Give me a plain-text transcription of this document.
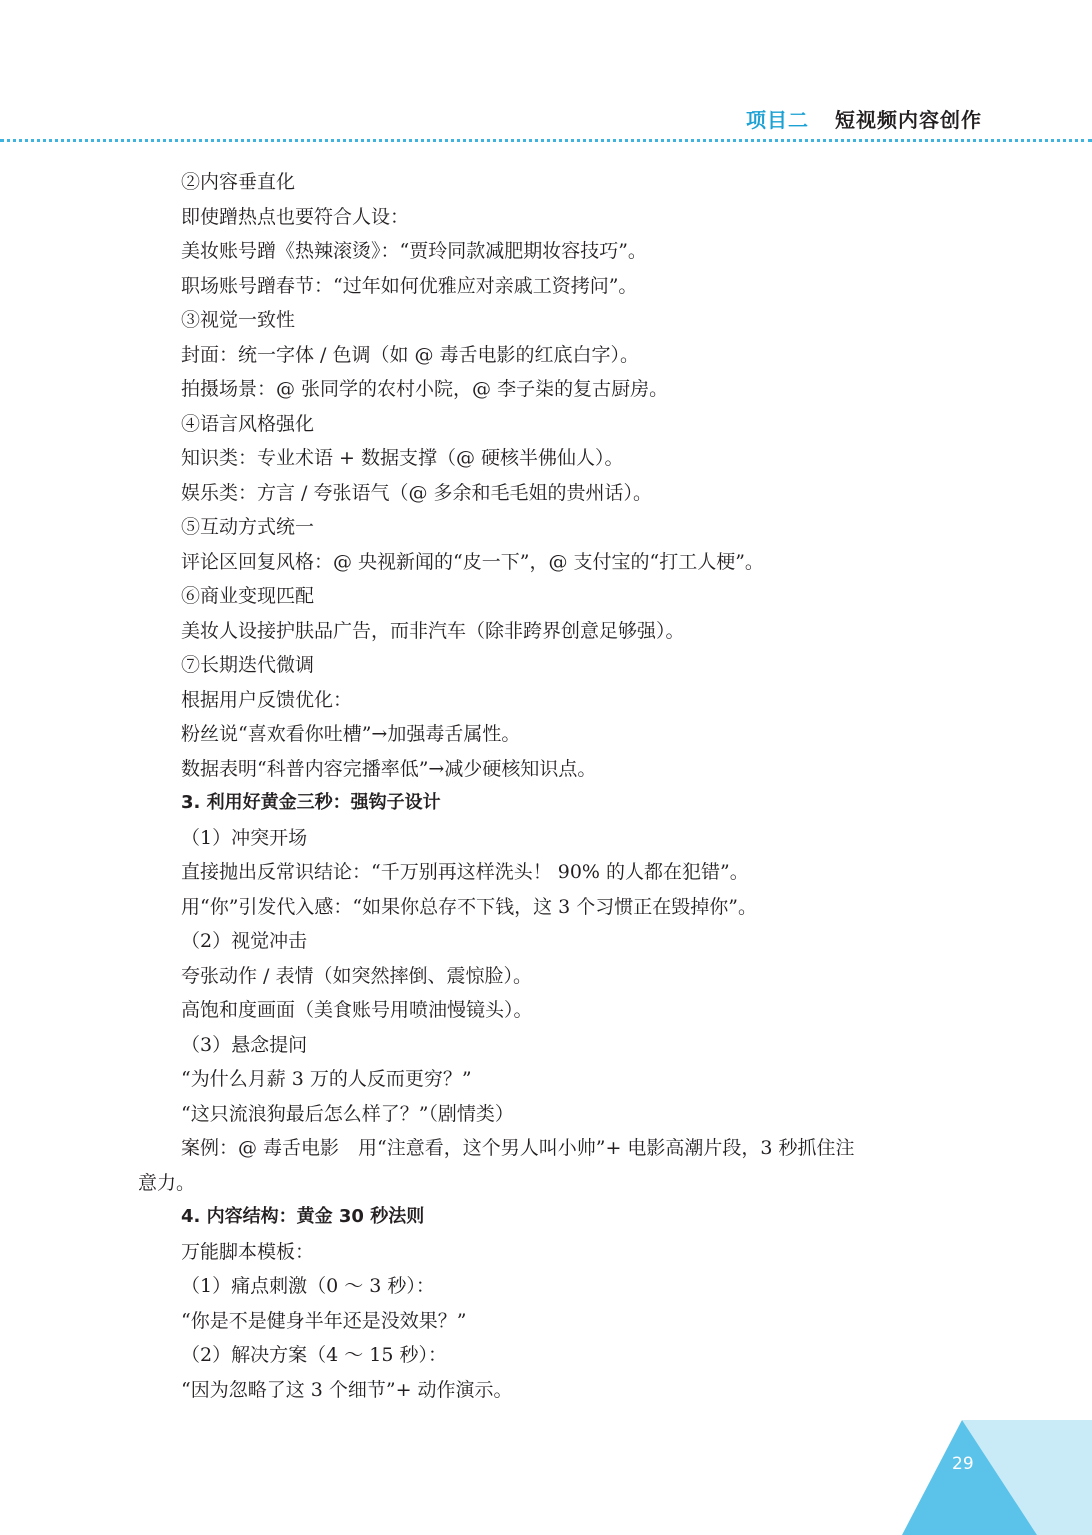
项目二 短视频内容创作
②内容垂直化
即使蹭热点也要符合人设：
美妆账号蹭《热辣滚烫》：“贾玲同款减肥期妆容技巧”。
职场账号蹭春节：“过年如何优雅应对亲戚工资拷问”。
③视觉一致性
封面：统一字体 / 色调（如 @ 毒舌电影的红底白字）。
拍摄场景：@ 张同学的农村小院，@ 李子柒的复古厨房。
④语言风格强化
知识类：专业术语 + 数据支撑（@ 硬核半佛仙人）。
娱乐类：方言 / 夸张语气（@ 多余和毛毛姐的贵州话）。
⑤互动方式统一
评论区回复风格：@ 央视新闻的“皮一下”，@ 支付宝的“打工人梗”。
⑥商业变现匹配
美妆人设接护肤品广告，而非汽车（除非跨界创意足够强）。
⑦长期迭代微调
根据用户反馈优化：
粉丝说“喜欢看你吐槽”→加强毒舌属性。
数据表明“科普内容完播率低”→减少硬核知识点。
3. 利用好黄金三秒：强钩子设计
（1）冲突开场
直接抛出反常识结论：“千万别再这样洗头！ 90% 的人都在犯错”。
用“你”引发代入感：“如果你总存不下钱，这 3 个习惯正在毁掉你”。
（2）视觉冲击
夸张动作 / 表情（如突然摔倒、震惊脸）。
高饱和度画面（美食账号用喷油慢镜头）。
（3）悬念提问
“为什么月薪 3 万的人反而更穷？”
“这只流浪狗最后怎么样了？”（剧情类）
案例：@ 毒舌电影　用“注意看，这个男人叫小帅”+ 电影高潮片段，3 秒抓住注
意力。
4. 内容结构：黄金 30 秒法则
万能脚本模板：
（1）痛点刺激（0 ～ 3 秒）：
“你是不是健身半年还是没效果？”
（2）解决方案（4 ～ 15 秒）：
“因为忽略了这 3 个细节”+ 动作演示。
29
